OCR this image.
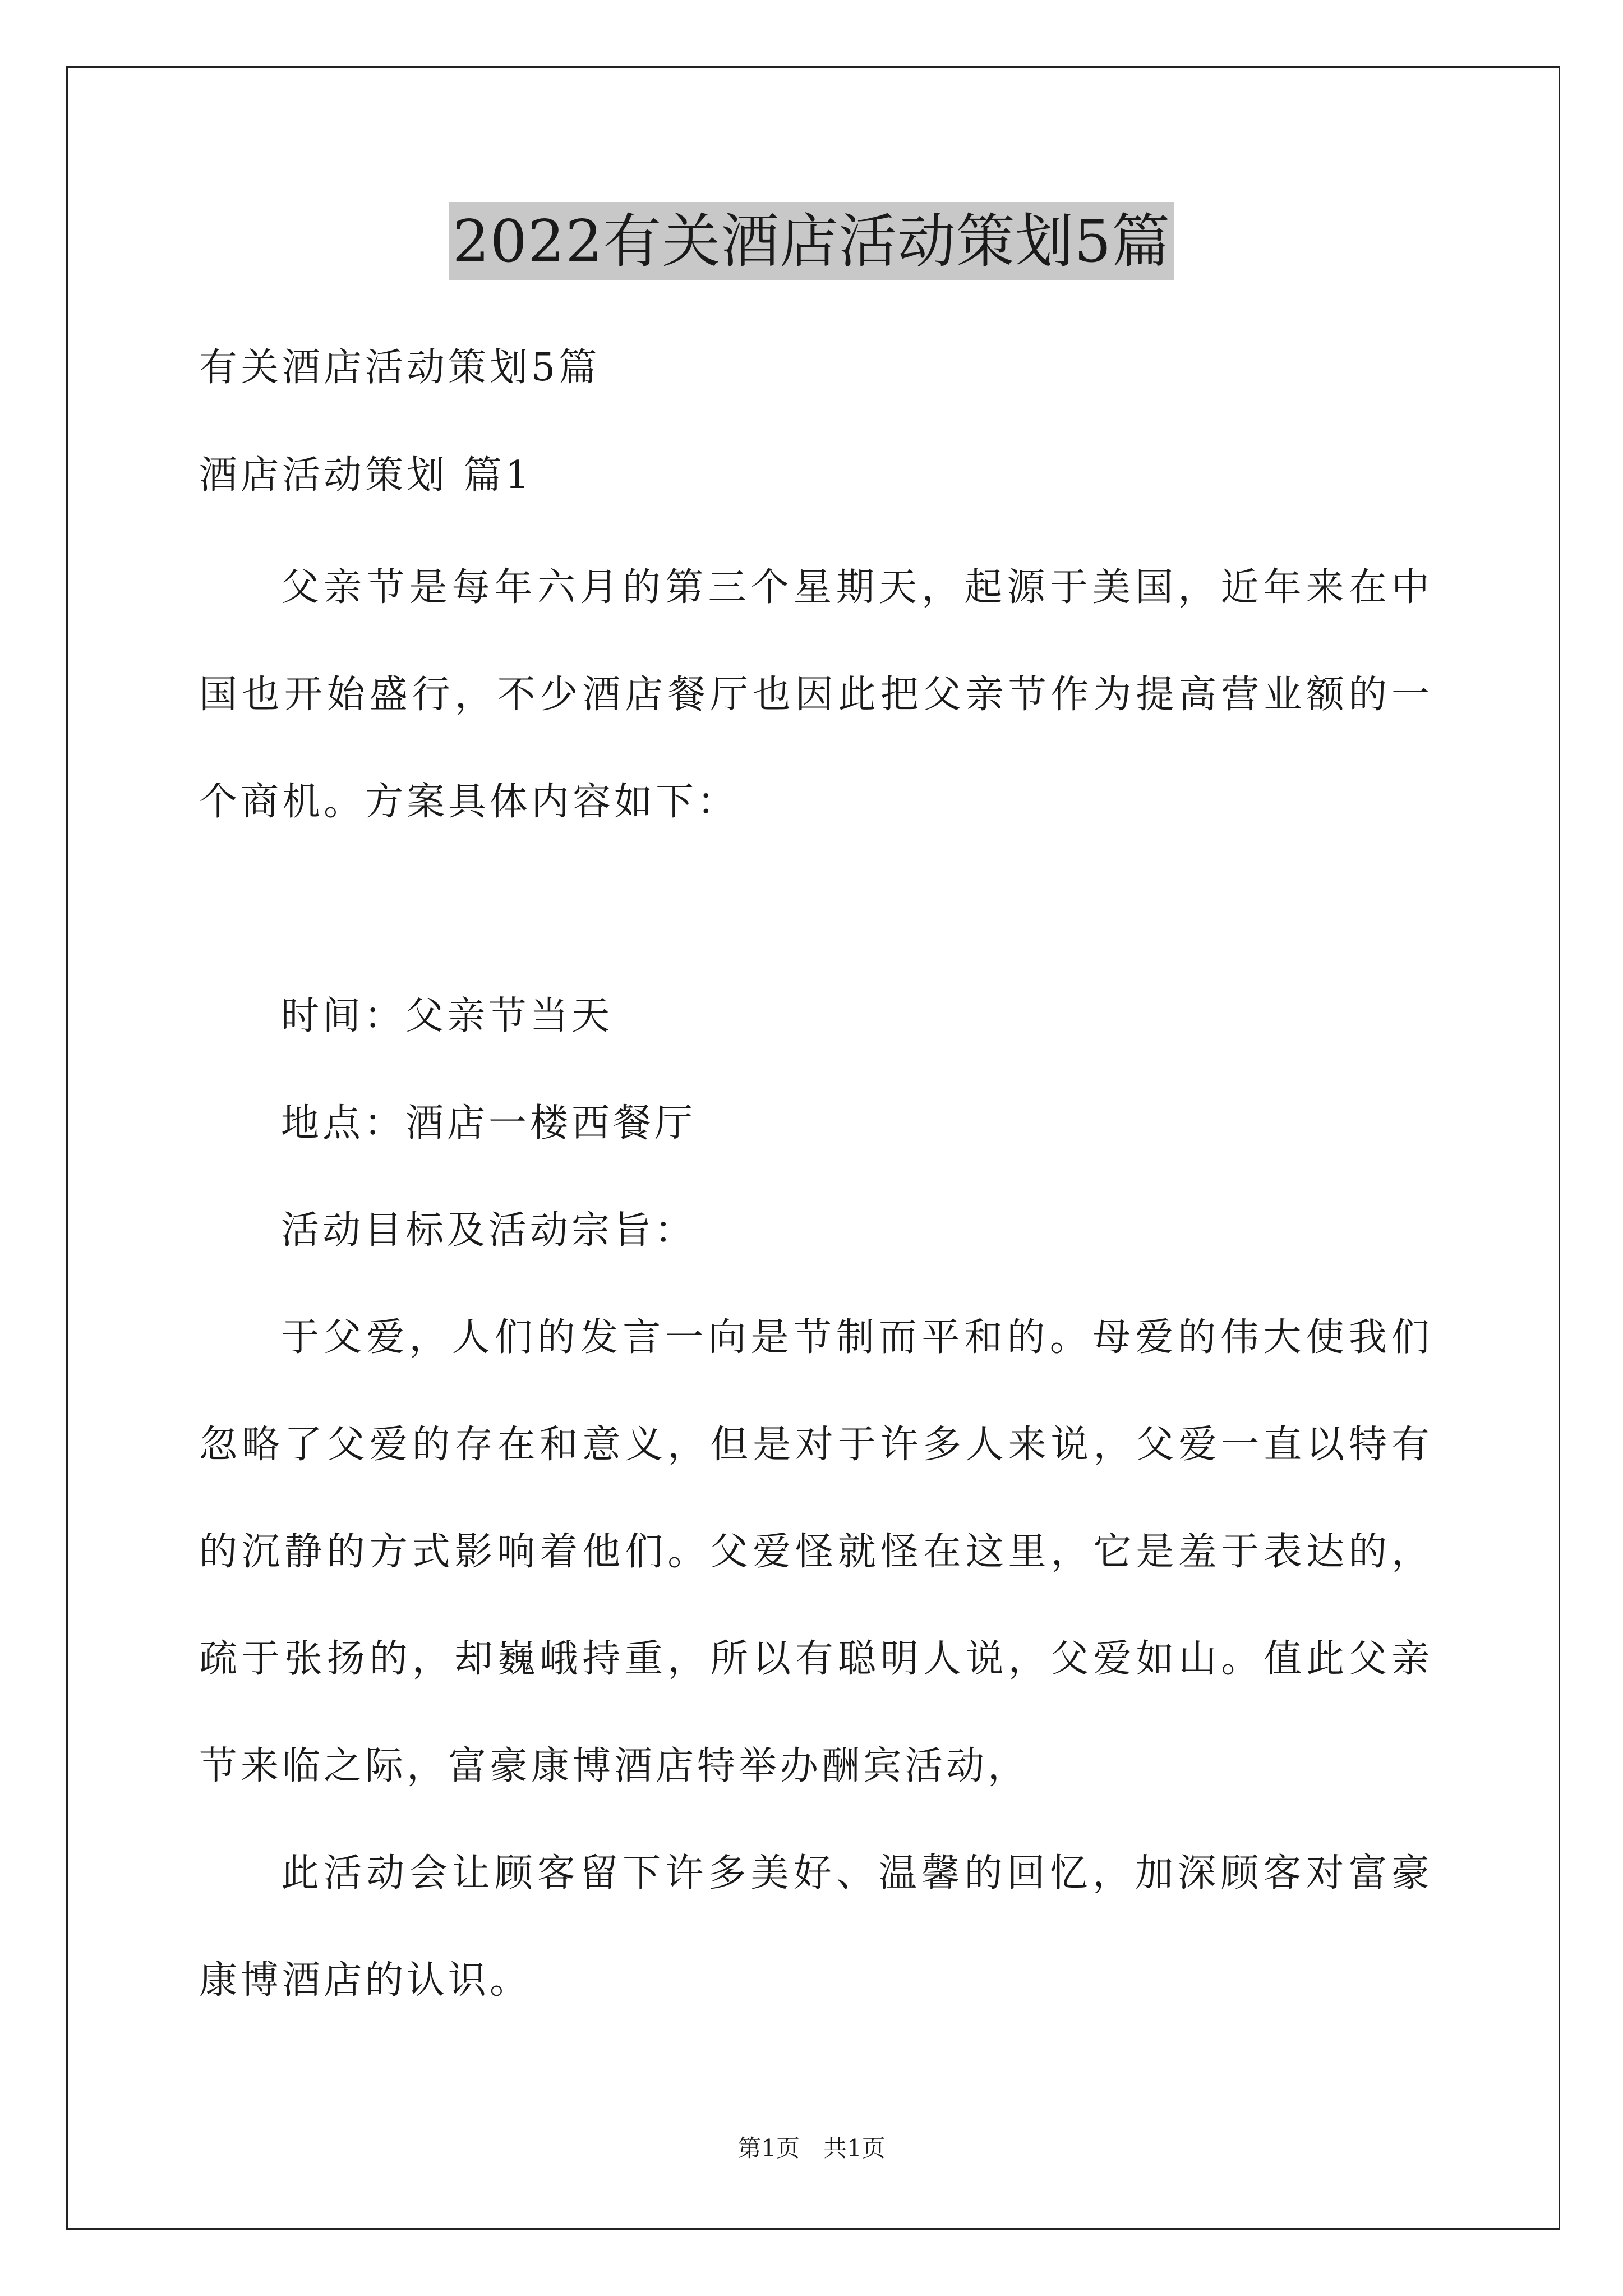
2022有关酒店活动策划5篇

有关酒店活动策划5篇

酒店活动策划 篇1

父亲节是每年六月的第三个星期天，起源于美国，近年来在中国也开始盛行，不少酒店餐厅也因此把父亲节作为提高营业额的一个商机。方案具体内容如下：

时间：父亲节当天

地点：酒店一楼西餐厅

活动目标及活动宗旨：

于父爱，人们的发言一向是节制而平和的。母爱的伟大使我们忽略了父爱的存在和意义，但是对于许多人来说，父爱一直以特有的沉静的方式影响着他们。父爱怪就怪在这里，它是羞于表达的，疏于张扬的，却巍峨持重，所以有聪明人说，父爱如山。值此父亲节来临之际，富豪康博酒店特举办酬宾活动，

此活动会让顾客留下许多美好、温馨的回忆，加深顾客对富豪康博酒店的认识。

第1页　共1页
